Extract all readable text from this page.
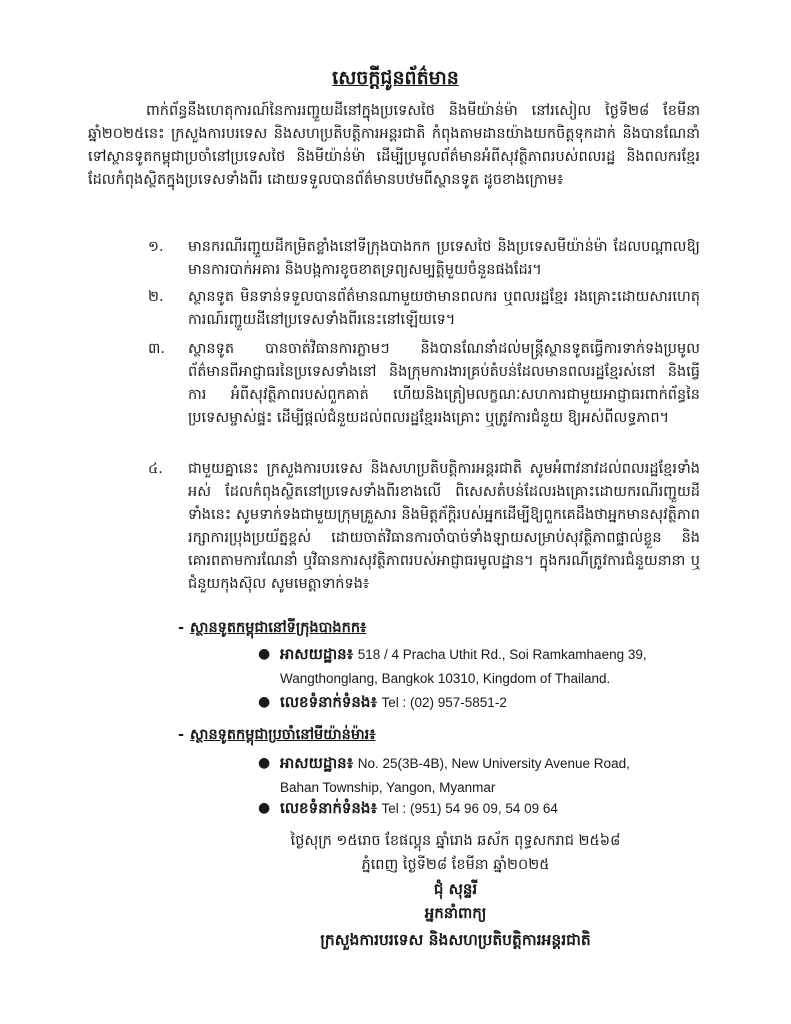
សេចក្តីជូនព័ត៌មាន
ពាក់ព័ន្ធនឹងហេតុការណ៍នៃការរញ្ជួយដីនៅក្នុងប្រទេសថៃ និងមីយ៉ាន់ម៉ា នៅរសៀល ថ្ងៃទី២៨ ខែមីនា ឆ្នាំ២០២៥នេះ ក្រសួងការបរទេស និងសហប្រតិបត្តិការអន្តរជាតិ កំពុងតាមដានយ៉ាងយកចិត្តទុកដាក់ និងបានណែនាំទៅស្ថានទូតកម្ពុជាប្រចាំនៅប្រទេសថៃ និងមីយ៉ាន់ម៉ា ដើម្បីប្រមូលព័ត៌មានអំពីសុវត្ថិភាពរបស់ពលរដ្ឋ និងពលករខ្មែរ ដែលកំពុងស្ថិតក្នុងប្រទេសទាំងពីរ ដោយទទួលបានព័ត៌មានបឋមពីស្ថានទូត ដូចខាងក្រោម៖
១. មានករណីរញ្ជួយដីកម្រិតខ្លាំងនៅទីក្រុងបាងកក ប្រទេសថៃ និងប្រទេសមីយ៉ាន់ម៉ា ដែលបណ្តាលឱ្យមានការបាក់អគារ និងបង្កការខូចខាតទ្រព្យសម្បត្តិមួយចំនួនផងដែរ។
២. ស្ថានទូត មិនទាន់ទទួលបានព័ត៌មានណាមួយថាមានពលករ ឬពលរដ្ឋខ្មែរ រងគ្រោះដោយសារហេតុការណ៍រញ្ជួយដីនៅប្រទេសទាំងពីរនេះនៅឡើយទេ។
៣. ស្ថានទូត បានចាត់វិធានការភ្លាមៗ និងបានណែនាំដល់មន្ត្រីស្ថានទូតធ្វើការទាក់ទងប្រមូលព័ត៌មានពីអាជ្ញាធរនៃប្រទេសទាំងនៅ និងក្រុមការងារគ្រប់តំបន់ដែលមានពលរដ្ឋខ្មែរស់នៅ និងធ្វើការ អំពីសុវត្ថិភាពរបស់ពួកគាត់ ហើយនិងត្រៀមលក្ខណៈសហការជាមួយអាជ្ញាធរពាក់ព័ន្ធនៃប្រទេសម្ចាស់ផ្ទះ ដើម្បីផ្តល់ជំនួយដល់ពលរដ្ឋខ្មែររងគ្រោះ ឬត្រូវការជំនួយ ឱ្យអស់ពីលទ្ធភាព។
៤. ជាមួយគ្នានេះ ក្រសួងការបរទេស និងសហប្រតិបត្តិការអន្តរជាតិ សូមអំពាវនាវដល់ពលរដ្ឋខ្មែរទាំងអស់ ដែលកំពុងស្ថិតនៅប្រទេសទាំងពីរខាងលើ ពិសេសតំបន់ដែលរងគ្រោះដោយករណីរញ្ជួយដីទាំងនេះ សូមទាក់ទងជាមួយក្រុមគ្រួសារ និងមិត្តភ័ក្តិរបស់អ្នកដើម្បីឱ្យពួកគេដឹងថាអ្នកមានសុវត្ថិភាព រក្សាការប្រុងប្រយ័ត្នខ្ពស់ ដោយចាត់វិធានការចាំបាច់ទាំងឡាយសម្រាប់សុវត្ថិភាពផ្ទាល់ខ្លួន និងគោរពតាមការណែនាំ ឬវិធានការសុវត្ថិភាពរបស់អាជ្ញាធរមូលដ្ឋាន។ ក្នុងករណីត្រូវការជំនួយនានា ឬជំនួយកុងស៊ុល សូមមេត្តាទាក់ទង៖
- ស្ថានទូតកម្ពុជានៅទីក្រុងបាងកក៖
● អាសយដ្ឋាន៖ 518 / 4 Pracha Uthit Rd., Soi Ramkamhaeng 39,
Wangthonglang, Bangkok 10310, Kingdom of Thailand.
● លេខទំនាក់ទំនង៖ Tel : (02) 957-5851-2
- ស្ថានទូតកម្ពុជាប្រចាំនៅមីយ៉ាន់ម៉ារ៖
● អាសយដ្ឋាន៖ No. 25(3B-4B), New University Avenue Road,
Bahan Township, Yangon, Myanmar
● លេខទំនាក់ទំនង៖ Tel : (951) 54 96 09, 54 09 64
ថ្ងៃសុក្រ ១៥រោច ខែផល្គុន ឆ្នាំរោង ឆស័ក ពុទ្ធសករាជ ២៥៦៨
ភ្នំពេញ ថ្ងៃទី២៨ ខែមីនា ឆ្នាំ២០២៥
ជុំ សុន្ទរី
អ្នកនាំពាក្យ
ក្រសួងការបរទេស និងសហប្រតិបត្តិការអន្តរជាតិ
